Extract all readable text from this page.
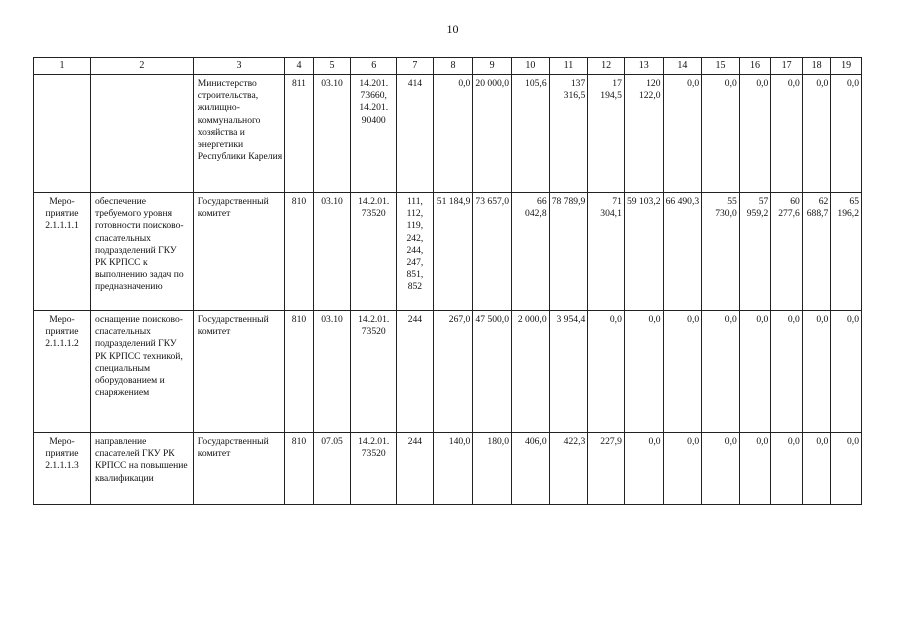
10
1	2	3	4	5	6	7	8	9	10	11	12	13	14	15	16	17	18	19
		Министерство строительства, жилищно-коммунального хозяйства и энергетики Республики Карелия	811	03.10	14.201. 73660, 14.201. 90400	414	0,0	20 000,0	105,6	137 316,5	17 194,5	120 122,0	0,0	0,0	0,0	0,0	0,0	0,0
Меро-приятие 2.1.1.1.1	обеспечение требуемого уровня готовности поисково-спасательных подразделений ГКУ РК КРПСС к выполнению задач по предназначению	Государственный комитет	810	03.10	14.2.01. 73520	111, 112, 119, 242, 244, 247, 851, 852	51 184,9	73 657,0	66 042,8	78 789,9	71 304,1	59 103,2	66 490,3	55 730,0	57 959,2	60 277,6	62 688,7	65 196,2
Меро-приятие 2.1.1.1.2	оснащение поисково-спасательных подразделений ГКУ РК КРПСС техникой, специальным оборудованием и снаряжением	Государственный комитет	810	03.10	14.2.01. 73520	244	267,0	47 500,0	2 000,0	3 954,4	0,0	0,0	0,0	0,0	0,0	0,0	0,0	0,0
Меро-приятие 2.1.1.1.3	направление спасателей ГКУ РК КРПСС на повышение квалификации	Государственный комитет	810	07.05	14.2.01. 73520	244	140,0	180,0	406,0	422,3	227,9	0,0	0,0	0,0	0,0	0,0	0,0	0,0
